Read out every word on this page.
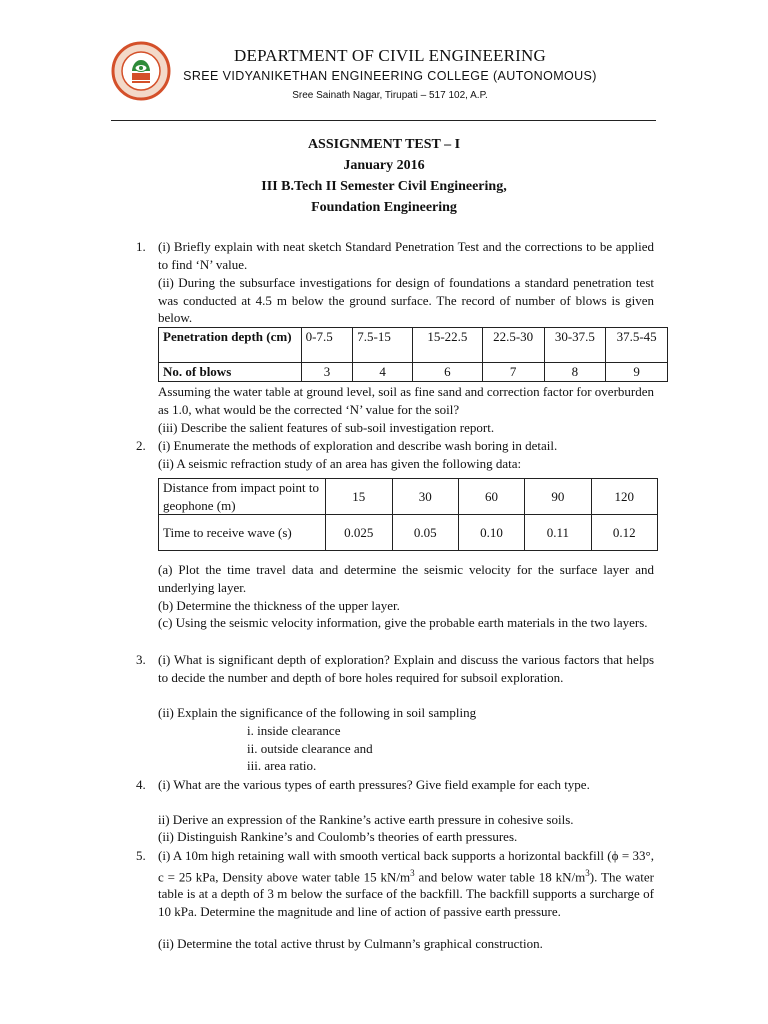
DEPARTMENT OF CIVIL ENGINEERING
SREE VIDYANIKETHAN ENGINEERING COLLEGE (AUTONOMOUS)
Sree Sainath Nagar, Tirupati – 517 102, A.P.
ASSIGNMENT TEST – I
January 2016
III B.Tech II Semester Civil Engineering,
Foundation Engineering
1. (i) Briefly explain with neat sketch Standard Penetration Test and the corrections to be applied to find ‘N’ value.
(ii) During the subsurface investigations for design of foundations a standard penetration test was conducted at 4.5 m below the ground surface. The record of number of blows is given below.
Penetration depth (cm)	0-7.5	7.5-15	15-22.5	22.5-30	30-37.5	37.5-45
No. of blows	3	4	6	7	8	9
Assuming the water table at ground level, soil as fine sand and correction factor for overburden as 1.0, what would be the corrected ‘N’ value for the soil?
(iii) Describe the salient features of sub-soil investigation report.
2. (i) Enumerate the methods of exploration and describe wash boring in detail.
(ii) A seismic refraction study of an area has given the following data:
Distance from impact point to geophone (m)	15	30	60	90	120
Time to receive wave (s)	0.025	0.05	0.10	0.11	0.12
(a) Plot the time travel data and determine the seismic velocity for the surface layer and underlying layer.
(b) Determine the thickness of the upper layer.
(c) Using the seismic velocity information, give the probable earth materials in the two layers.
3. (i) What is significant depth of exploration? Explain and discuss the various factors that helps to decide the number and depth of bore holes required for subsoil exploration.
(ii) Explain the significance of the following in soil sampling
i. inside clearance
ii. outside clearance and
iii. area ratio.
4. (i) What are the various types of earth pressures? Give field example for each type.
ii) Derive an expression of the Rankine’s active earth pressure in cohesive soils.
(ii) Distinguish Rankine’s and Coulomb’s theories of earth pressures.
5. (i) A 10m high retaining wall with smooth vertical back supports a horizontal backfill (ϕ = 33°, c = 25 kPa, Density above water table 15 $kN/m^3$ and below water table 18 $kN/m^3$). The water table is at a depth of 3 m below the surface of the backfill. The backfill supports a surcharge of 10 kPa. Determine the magnitude and line of action of passive earth pressure.
(ii) Determine the total active thrust by Culmann’s graphical construction.
